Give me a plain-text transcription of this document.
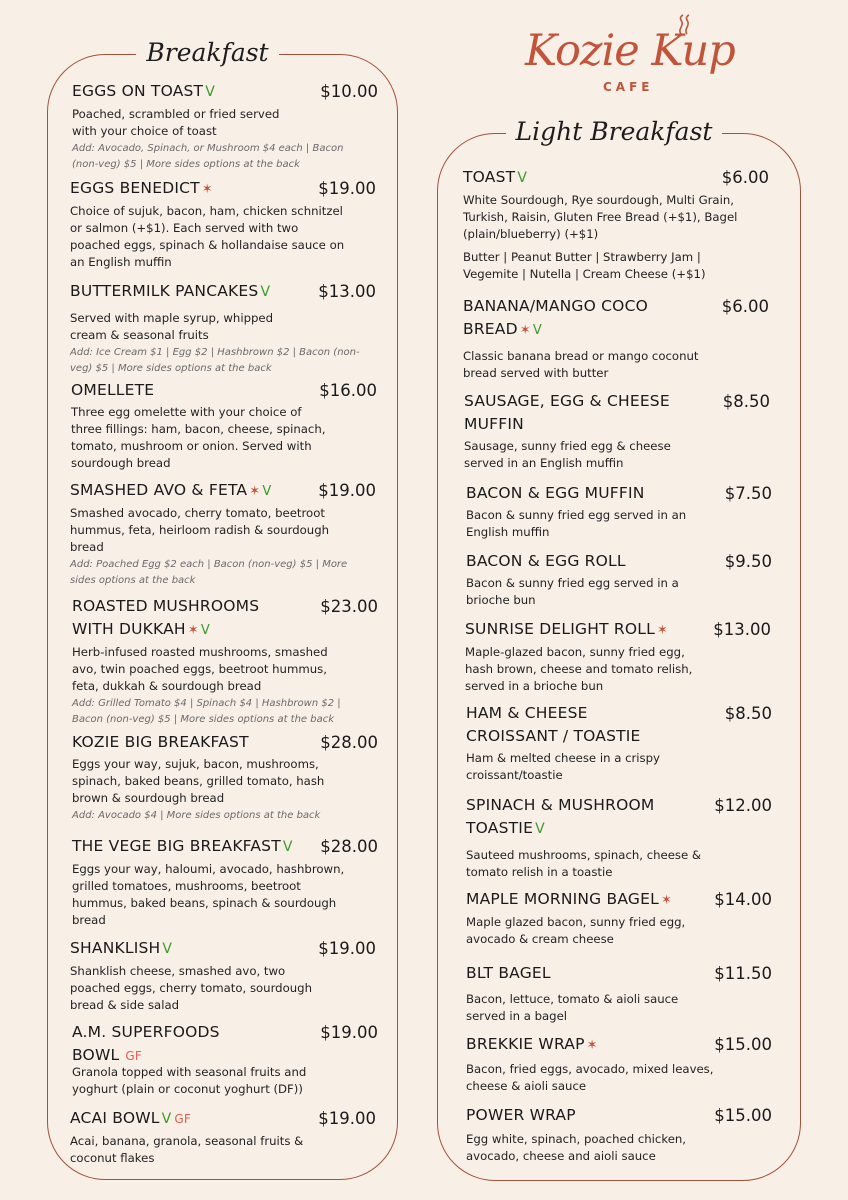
Kozie Kup
CAFE
Breakfast
EGGS ON TOAST V	$10.00
Poached, scrambled or fried served with your choice of toast
Add: Avocado, Spinach, or Mushroom $4 each | Bacon (non-veg) $5 | More sides options at the back
EGGS BENEDICT ✶	$19.00
Choice of sujuk, bacon, ham, chicken schnitzel or salmon (+$1). Each served with two poached eggs, spinach & hollandaise sauce on an English muffin
BUTTERMILK PANCAKES V	$13.00
Served with maple syrup, whipped cream & seasonal fruits
Add: Ice Cream $1 | Egg $2 | Hashbrown $2 | Bacon (non-veg) $5 | More sides options at the back
OMELLETE	$16.00
Three egg omelette with your choice of three fillings: ham, bacon, cheese, spinach, tomato, mushroom or onion. Served with sourdough bread
SMASHED AVO & FETA ✶ V	$19.00
Smashed avocado, cherry tomato, beetroot hummus, feta, heirloom radish & sourdough bread
Add: Poached Egg $2 each | Bacon (non-veg) $5 | More sides options at the back
ROASTED MUSHROOMS WITH DUKKAH ✶ V
$23.00
Herb-infused roasted mushrooms, smashed avo, twin poached eggs, beetroot hummus, feta, dukkah & sourdough bread
Add: Grilled Tomato $4 | Spinach $4 | Hashbrown $2 | Bacon (non-veg) $5 | More sides options at the back
KOZIE BIG BREAKFAST	$28.00
Eggs your way, sujuk, bacon, mushrooms, spinach, baked beans, grilled tomato, hash brown & sourdough bread
Add: Avocado $4 | More sides options at the back
THE VEGE BIG BREAKFAST V $28.00
Eggs your way, haloumi, avocado, hashbrown, grilled tomatoes, mushrooms, beetroot hummus, baked beans, spinach & sourdough bread
SHANKLISH V	$19.00
Shanklish cheese, smashed avo, two poached eggs, cherry tomato, sourdough bread & side salad
A.M. SUPERFOODS BOWL GF
$19.00
Granola topped with seasonal fruits and yoghurt (plain or coconut yoghurt (DF))
ACAI BOWL V GF	$19.00
Acai, banana, granola, seasonal fruits & coconut flakes
Light Breakfast
TOAST V	$6.00
White Sourdough, Rye sourdough, Multi Grain, Turkish, Raisin, Gluten Free Bread (+$1), Bagel (plain/blueberry) (+$1)
Butter | Peanut Butter | Strawberry Jam | Vegemite | Nutella | Cream Cheese (+$1)
BANANA/MANGO COCO BREAD ✶ V
$6.00
Classic banana bread or mango coconut bread served with butter
SAUSAGE, EGG & CHEESE MUFFIN
$8.50
Sausage, sunny fried egg & cheese served in an English muffin
BACON & EGG MUFFIN	$7.50
Bacon & sunny fried egg served in an English muffin
BACON & EGG ROLL	$9.50
Bacon & sunny fried egg served in a brioche bun
SUNRISE DELIGHT ROLL ✶	$13.00
Maple-glazed bacon, sunny fried egg, hash brown, cheese and tomato relish, served in a brioche bun
HAM & CHEESE CROISSANT / TOASTIE
$8.50
Ham & melted cheese in a crispy croissant/toastie
SPINACH & MUSHROOM TOASTIE V
$12.00
Sauteed mushrooms, spinach, cheese & tomato relish in a toastie
MAPLE MORNING BAGEL ✶	$14.00
Maple glazed bacon, sunny fried egg, avocado & cream cheese
BLT BAGEL	$11.50
Bacon, lettuce, tomato & aioli sauce served in a bagel
BREKKIE WRAP ✶	$15.00
Bacon, fried eggs, avocado, mixed leaves, cheese & aioli sauce
POWER WRAP	$15.00
Egg white, spinach, poached chicken, avocado, cheese and aioli sauce
